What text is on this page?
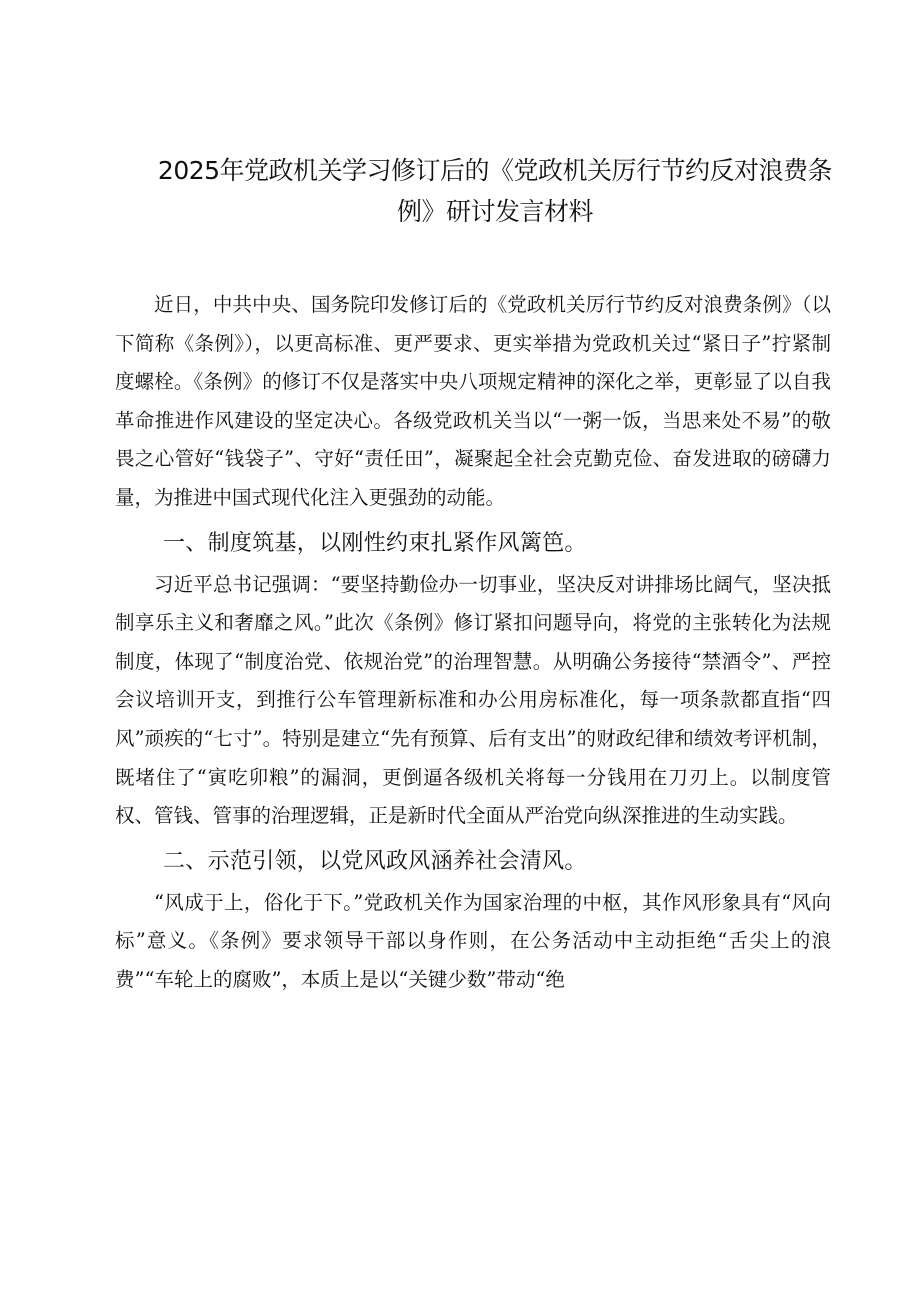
2025年党政机关学习修订后的《党政机关厉行节约反对浪费条例》研讨发言材料

近日，中共中央、国务院印发修订后的《党政机关厉行节约反对浪费条例》（以下简称《条例》），以更高标准、更严要求、更实举措为党政机关过“紧日子”拧紧制度螺栓。《条例》的修订不仅是落实中央八项规定精神的深化之举，更彰显了以自我革命推进作风建设的坚定决心。各级党政机关当以“一粥一饭，当思来处不易”的敬畏之心管好“钱袋子”、守好“责任田”，凝聚起全社会克勤克俭、奋发进取的磅礴力量，为推进中国式现代化注入更强劲的动能。

一、制度筑基，以刚性约束扎紧作风篱笆。

习近平总书记强调：“要坚持勤俭办一切事业，坚决反对讲排场比阔气，坚决抵制享乐主义和奢靡之风。”此次《条例》修订紧扣问题导向，将党的主张转化为法规制度，体现了“制度治党、依规治党”的治理智慧。从明确公务接待“禁酒令”、严控会议培训开支，到推行公车管理新标准和办公用房标准化，每一项条款都直指“四风”顽疾的“七寸”。特别是建立“先有预算、后有支出”的财政纪律和绩效考评机制，既堵住了“寅吃卯粮”的漏洞，更倒逼各级机关将每一分钱用在刀刃上。以制度管权、管钱、管事的治理逻辑，正是新时代全面从严治党向纵深推进的生动实践。

二、示范引领，以党风政风涵养社会清风。

“风成于上，俗化于下。”党政机关作为国家治理的中枢，其作风形象具有“风向标”意义。《条例》要求领导干部以身作则，在公务活动中主动拒绝“舌尖上的浪费”“车轮上的腐败”，本质上是以“关键少数”带动“绝
